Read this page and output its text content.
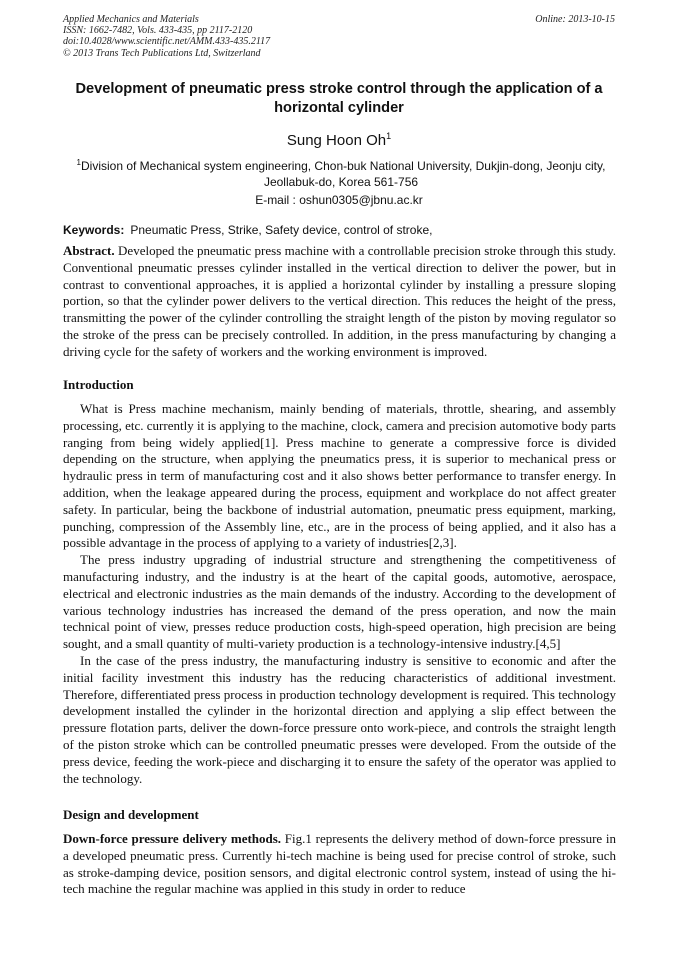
Applied Mechanics and Materials
ISSN: 1662-7482, Vols. 433-435, pp 2117-2120
doi:10.4028/www.scientific.net/AMM.433-435.2117
© 2013 Trans Tech Publications Ltd, Switzerland
Online: 2013-10-15
Development of pneumatic press stroke control through the application of a horizontal cylinder
Sung Hoon Oh$^1$
$^1$Division of Mechanical system engineering, Chon-buk National University, Dukjin-dong, Jeonju city, Jeollabuk-do, Korea 561-756
E-mail : oshun0305@jbnu.ac.kr
Keywords: Pneumatic Press, Strike, Safety device, control of stroke,
Abstract. Developed the pneumatic press machine with a controllable precision stroke through this study. Conventional pneumatic presses cylinder installed in the vertical direction to deliver the power, but in contrast to conventional approaches, it is applied a horizontal cylinder by installing a pressure sloping portion, so that the cylinder power delivers to the vertical direction. This reduces the height of the press, transmitting the power of the cylinder controlling the straight length of the piston by moving regulator so the stroke of the press can be precisely controlled. In addition, in the press manufacturing by changing a driving cycle for the safety of workers and the working environment is improved.
Introduction

What is Press machine mechanism, mainly bending of materials, throttle, shearing, and assembly processing, etc. currently it is applying to the machine, clock, camera and precision automotive body parts ranging from being widely applied[1]. Press machine to generate a compressive force is divided depending on the structure, when applying the pneumatics press, it is superior to mechanical press or hydraulic press in term of manufacturing cost and it also shows better performance to transfer energy. In addition, when the leakage appeared during the process, equipment and workplace do not affect greater safety. In particular, being the backbone of industrial automation, pneumatic press equipment, marking, punching, compression of the Assembly line, etc., are in the process of being applied, and it also has a possible advantage in the process of applying to a variety of industries[2,3].

The press industry upgrading of industrial structure and strengthening the competitiveness of manufacturing industry, and the industry is at the heart of the capital goods, automotive, aerospace, electrical and electronic industries as the main demands of the industry. According to the development of various technology industries has increased the demand of the press operation, and now the main technical point of view, presses reduce production costs, high-speed operation, high precision are being sought, and a small quantity of multi-variety production is a technology-intensive industry.[4,5]

In the case of the press industry, the manufacturing industry is sensitive to economic and after the initial facility investment this industry has the reducing characteristics of additional investment. Therefore, differentiated press process in production technology development is required. This technology development installed the cylinder in the horizontal direction and applying a slip effect between the pressure flotation parts, deliver the down-force pressure onto work-piece, and controls the straight length of the piston stroke which can be controlled pneumatic presses were developed. From the outside of the press device, feeding the work-piece and discharging it to ensure the safety of the operator was applied to the technology.

Design and development

Down-force pressure delivery methods. Fig.1 represents the delivery method of down-force pressure in a developed pneumatic press. Currently hi-tech machine is being used for precise control of stroke, such as stroke-damping device, position sensors, and digital electronic control system, instead of using the hi-tech machine the regular machine was applied in this study in order to reduce
